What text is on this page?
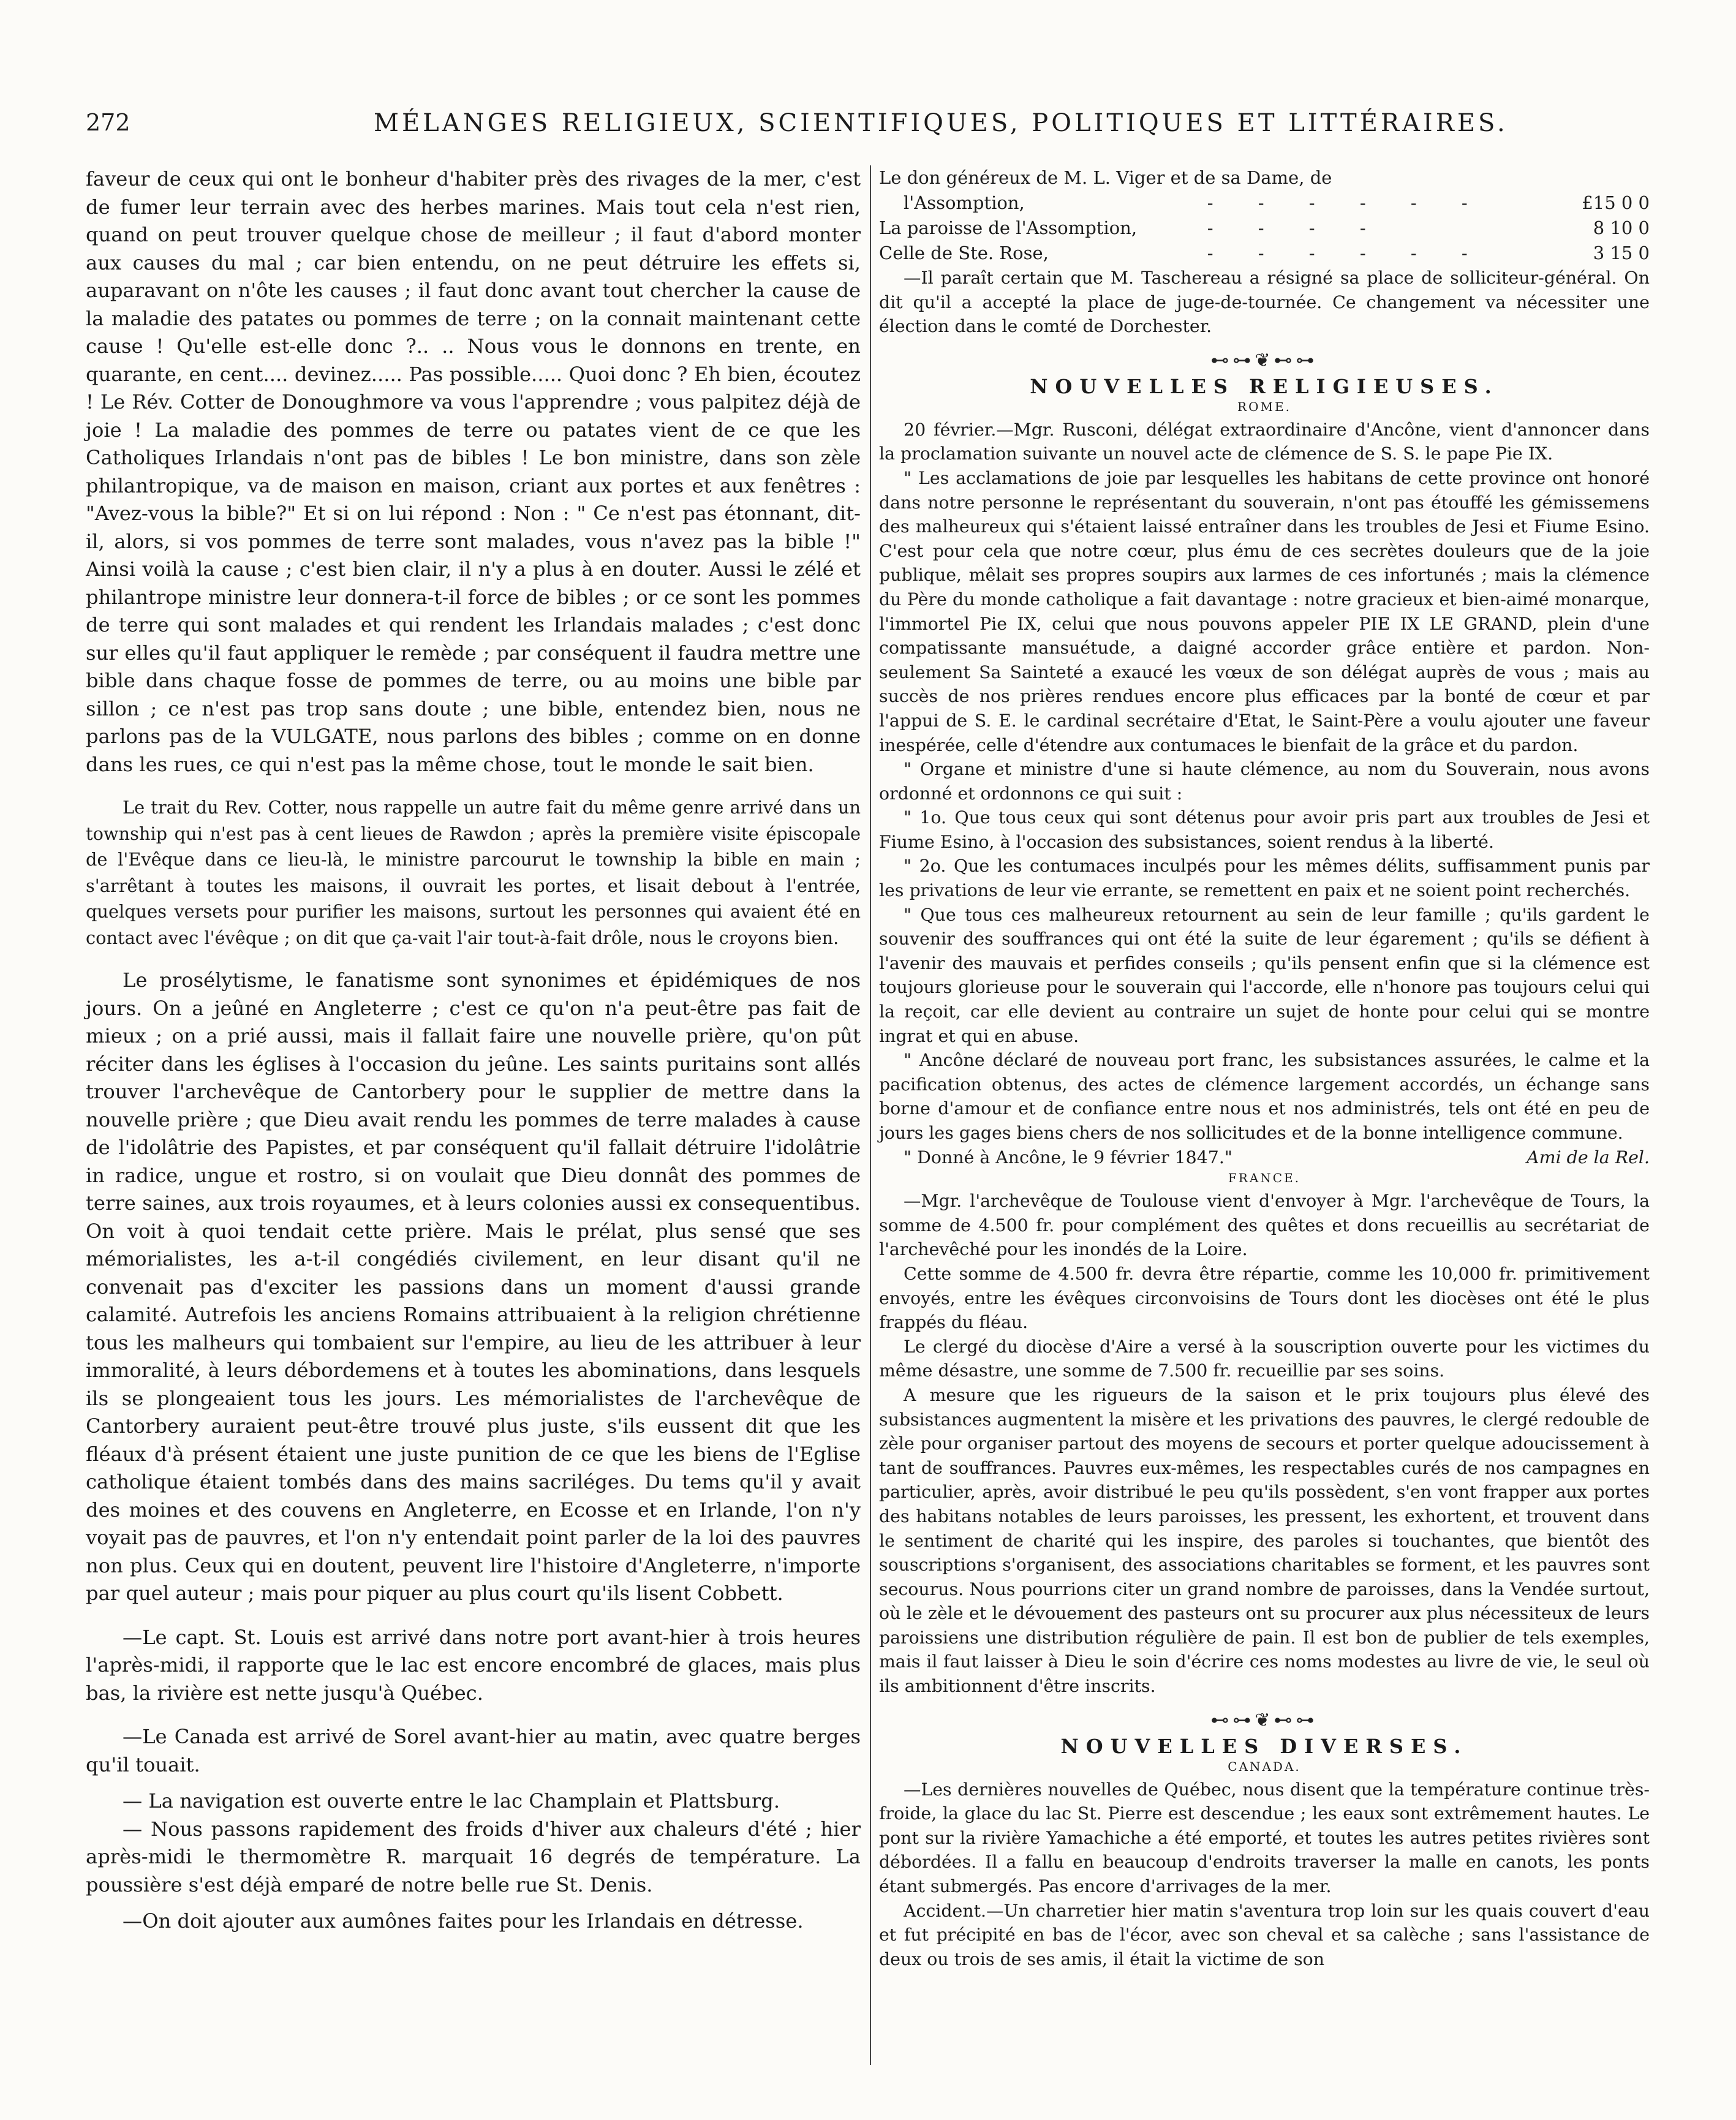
272	MÉLANGES RELIGIEUX, SCIENTIFIQUES, POLITIQUES ET LITTÉRAIRES.

faveur de ceux qui ont le bonheur d'habiter près des rivages de la mer, c'est de fumer leur terrain avec des herbes marines. Mais tout cela n'est rien, quand on peut trouver quelque chose de meilleur ; il faut d'abord monter aux causes du mal ; car bien entendu, on ne peut détruire les effets si, auparavant on n'ôte les causes ; il faut donc avant tout chercher la cause de la maladie des patates ou pommes de terre ; on la connait maintenant cette cause ! Qu'elle est-elle donc ?.. .. Nous vous le donnons en trente, en quarante, en cent.... devinez..... Pas possible..... Quoi donc ? Eh bien, écoutez ! Le Rév. Cotter de Donoughmore va vous l'apprendre ; vous palpitez déjà de joie ! La maladie des pommes de terre ou patates vient de ce que les Catholiques Irlandais n'ont pas de bibles ! Le bon ministre, dans son zèle philantropique, va de maison en maison, criant aux portes et aux fenêtres : "Avez-vous la bible?" Et si on lui répond : Non : " Ce n'est pas étonnant, dit-il, alors, si vos pommes de terre sont malades, vous n'avez pas la bible !" Ainsi voilà la cause ; c'est bien clair, il n'y a plus à en douter. Aussi le zélé et philantrope ministre leur donnera-t-il force de bibles ; or ce sont les pommes de terre qui sont malades et qui rendent les Irlandais malades ; c'est donc sur elles qu'il faut appliquer le remède ; par conséquent il faudra mettre une bible dans chaque fosse de pommes de terre, ou au moins une bible par sillon ; ce n'est pas trop sans doute ; une bible, entendez bien, nous ne parlons pas de la VULGATE, nous parlons des bibles ; comme on en donne dans les rues, ce qui n'est pas la même chose, tout le monde le sait bien.

Le trait du Rev. Cotter, nous rappelle un autre fait du même genre arrivé dans un township qui n'est pas à cent lieues de Rawdon ; après la première visite épiscopale de l'Evêque dans ce lieu-là, le ministre parcourut le township la bible en main ; s'arrêtant à toutes les maisons, il ouvrait les portes, et lisait debout à l'entrée, quelques versets pour purifier les maisons, surtout les personnes qui avaient été en contact avec l'évêque ; on dit que ça-vait l'air tout-à-fait drôle, nous le croyons bien.

Le prosélytisme, le fanatisme sont synonimes et épidémiques de nos jours. On a jeûné en Angleterre ; c'est ce qu'on n'a peut-être pas fait de mieux ; on a prié aussi, mais il fallait faire une nouvelle prière, qu'on pût réciter dans les églises à l'occasion du jeûne. Les saints puritains sont allés trouver l'archevêque de Cantorbery pour le supplier de mettre dans la nouvelle prière ; que Dieu avait rendu les pommes de terre malades à cause de l'idolâtrie des Papistes, et par conséquent qu'il fallait détruire l'idolâtrie in radice, ungue et rostro, si on voulait que Dieu donnât des pommes de terre saines, aux trois royaumes, et à leurs colonies aussi ex consequentibus. On voit à quoi tendait cette prière. Mais le prélat, plus sensé que ses mémorialistes, les a-t-il congédiés civilement, en leur disant qu'il ne convenait pas d'exciter les passions dans un moment d'aussi grande calamité. Autrefois les anciens Romains attribuaient à la religion chrétienne tous les malheurs qui tombaient sur l'empire, au lieu de les attribuer à leur immoralité, à leurs débordemens et à toutes les abominations, dans lesquels ils se plongeaient tous les jours. Les mémorialistes de l'archevêque de Cantorbery auraient peut-être trouvé plus juste, s'ils eussent dit que les fléaux d'à présent étaient une juste punition de ce que les biens de l'Eglise catholique étaient tombés dans des mains sacriléges. Du tems qu'il y avait des moines et des couvens en Angleterre, en Ecosse et en Irlande, l'on n'y voyait pas de pauvres, et l'on n'y entendait point parler de la loi des pauvres non plus. Ceux qui en doutent, peuvent lire l'histoire d'Angleterre, n'importe par quel auteur ; mais pour piquer au plus court qu'ils lisent Cobbett.

—Le capt. St. Louis est arrivé dans notre port avant-hier à trois heures l'après-midi, il rapporte que le lac est encore encombré de glaces, mais plus bas, la rivière est nette jusqu'à Québec.

—Le Canada est arrivé de Sorel avant-hier au matin, avec quatre berges qu'il touait.

— La navigation est ouverte entre le lac Champlain et Plattsburg.

— Nous passons rapidement des froids d'hiver aux chaleurs d'été ; hier après-midi le thermomètre R. marquait 16 degrés de température. La poussière s'est déjà emparé de notre belle rue St. Denis.

—On doit ajouter aux aumônes faites pour les Irlandais en détresse.

Le don généreux de M. L. Viger et de sa Dame, de		
l'Assomption,	- - - - - -	£15 0 0
La paroisse de l'Assomption,	- - - -	8 10 0
Celle de Ste. Rose,	- - - - - -	3 15 0

—Il paraît certain que M. Taschereau a résigné sa place de solliciteur-général. On dit qu'il a accepté la place de juge-de-tournée. Ce changement va nécessiter une élection dans le comté de Dorchester.

⊷⊶❦⊷⊶
NOUVELLES RELIGIEUSES.
ROME.

20 février.—Mgr. Rusconi, délégat extraordinaire d'Ancône, vient d'annoncer dans la proclamation suivante un nouvel acte de clémence de S. S. le pape Pie IX.

" Les acclamations de joie par lesquelles les habitans de cette province ont honoré dans notre personne le représentant du souverain, n'ont pas étouffé les gémissemens des malheureux qui s'étaient laissé entraîner dans les troubles de Jesi et Fiume Esino. C'est pour cela que notre cœur, plus ému de ces secrètes douleurs que de la joie publique, mêlait ses propres soupirs aux larmes de ces infortunés ; mais la clémence du Père du monde catholique a fait davantage : notre gracieux et bien-aimé monarque, l'immortel Pie IX, celui que nous pouvons appeler PIE IX LE GRAND, plein d'une compatissante mansuétude, a daigné accorder grâce entière et pardon. Non-seulement Sa Sainteté a exaucé les vœux de son délégat auprès de vous ; mais au succès de nos prières rendues encore plus efficaces par la bonté de cœur et par l'appui de S. E. le cardinal secrétaire d'Etat, le Saint-Père a voulu ajouter une faveur inespérée, celle d'étendre aux contumaces le bienfait de la grâce et du pardon.

" Organe et ministre d'une si haute clémence, au nom du Souverain, nous avons ordonné et ordonnons ce qui suit :

" 1o. Que tous ceux qui sont détenus pour avoir pris part aux troubles de Jesi et Fiume Esino, à l'occasion des subsistances, soient rendus à la liberté.

" 2o. Que les contumaces inculpés pour les mêmes délits, suffisamment punis par les privations de leur vie errante, se remettent en paix et ne soient point recherchés.

" Que tous ces malheureux retournent au sein de leur famille ; qu'ils gardent le souvenir des souffrances qui ont été la suite de leur égarement ; qu'ils se défient à l'avenir des mauvais et perfides conseils ; qu'ils pensent enfin que si la clémence est toujours glorieuse pour le souverain qui l'accorde, elle n'honore pas toujours celui qui la reçoit, car elle devient au contraire un sujet de honte pour celui qui se montre ingrat et qui en abuse.

" Ancône déclaré de nouveau port franc, les subsistances assurées, le calme et la pacification obtenus, des actes de clémence largement accordés, un échange sans borne d'amour et de confiance entre nous et nos administrés, tels ont été en peu de jours les gages biens chers de nos sollicitudes et de la bonne intelligence commune.

" Donné à Ancône, le 9 février 1847."	Ami de la Rel.
FRANCE.

—Mgr. l'archevêque de Toulouse vient d'envoyer à Mgr. l'archevêque de Tours, la somme de 4.500 fr. pour complément des quêtes et dons recueillis au secrétariat de l'archevêché pour les inondés de la Loire.

Cette somme de 4.500 fr. devra être répartie, comme les 10,000 fr. primitivement envoyés, entre les évêques circonvoisins de Tours dont les diocèses ont été le plus frappés du fléau.

Le clergé du diocèse d'Aire a versé à la souscription ouverte pour les victimes du même désastre, une somme de 7.500 fr. recueillie par ses soins.

A mesure que les rigueurs de la saison et le prix toujours plus élevé des subsistances augmentent la misère et les privations des pauvres, le clergé redouble de zèle pour organiser partout des moyens de secours et porter quelque adoucissement à tant de souffrances. Pauvres eux-mêmes, les respectables curés de nos campagnes en particulier, après, avoir distribué le peu qu'ils possèdent, s'en vont frapper aux portes des habitans notables de leurs paroisses, les pressent, les exhortent, et trouvent dans le sentiment de charité qui les inspire, des paroles si touchantes, que bientôt des souscriptions s'organisent, des associations charitables se forment, et les pauvres sont secourus. Nous pourrions citer un grand nombre de paroisses, dans la Vendée surtout, où le zèle et le dévouement des pasteurs ont su procurer aux plus nécessiteux de leurs paroissiens une distribution régulière de pain. Il est bon de publier de tels exemples, mais il faut laisser à Dieu le soin d'écrire ces noms modestes au livre de vie, le seul où ils ambitionnent d'être inscrits.

⊷⊶❦⊷⊶
NOUVELLES DIVERSES.
CANADA.

—Les dernières nouvelles de Québec, nous disent que la température continue très-froide, la glace du lac St. Pierre est descendue ; les eaux sont extrêmement hautes. Le pont sur la rivière Yamachiche a été emporté, et toutes les autres petites rivières sont débordées. Il a fallu en beaucoup d'endroits traverser la malle en canots, les ponts étant submergés. Pas encore d'arrivages de la mer.

Accident.—Un charretier hier matin s'aventura trop loin sur les quais couvert d'eau et fut précipité en bas de l'écor, avec son cheval et sa calèche ; sans l'assistance de deux ou trois de ses amis, il était la victime de son
